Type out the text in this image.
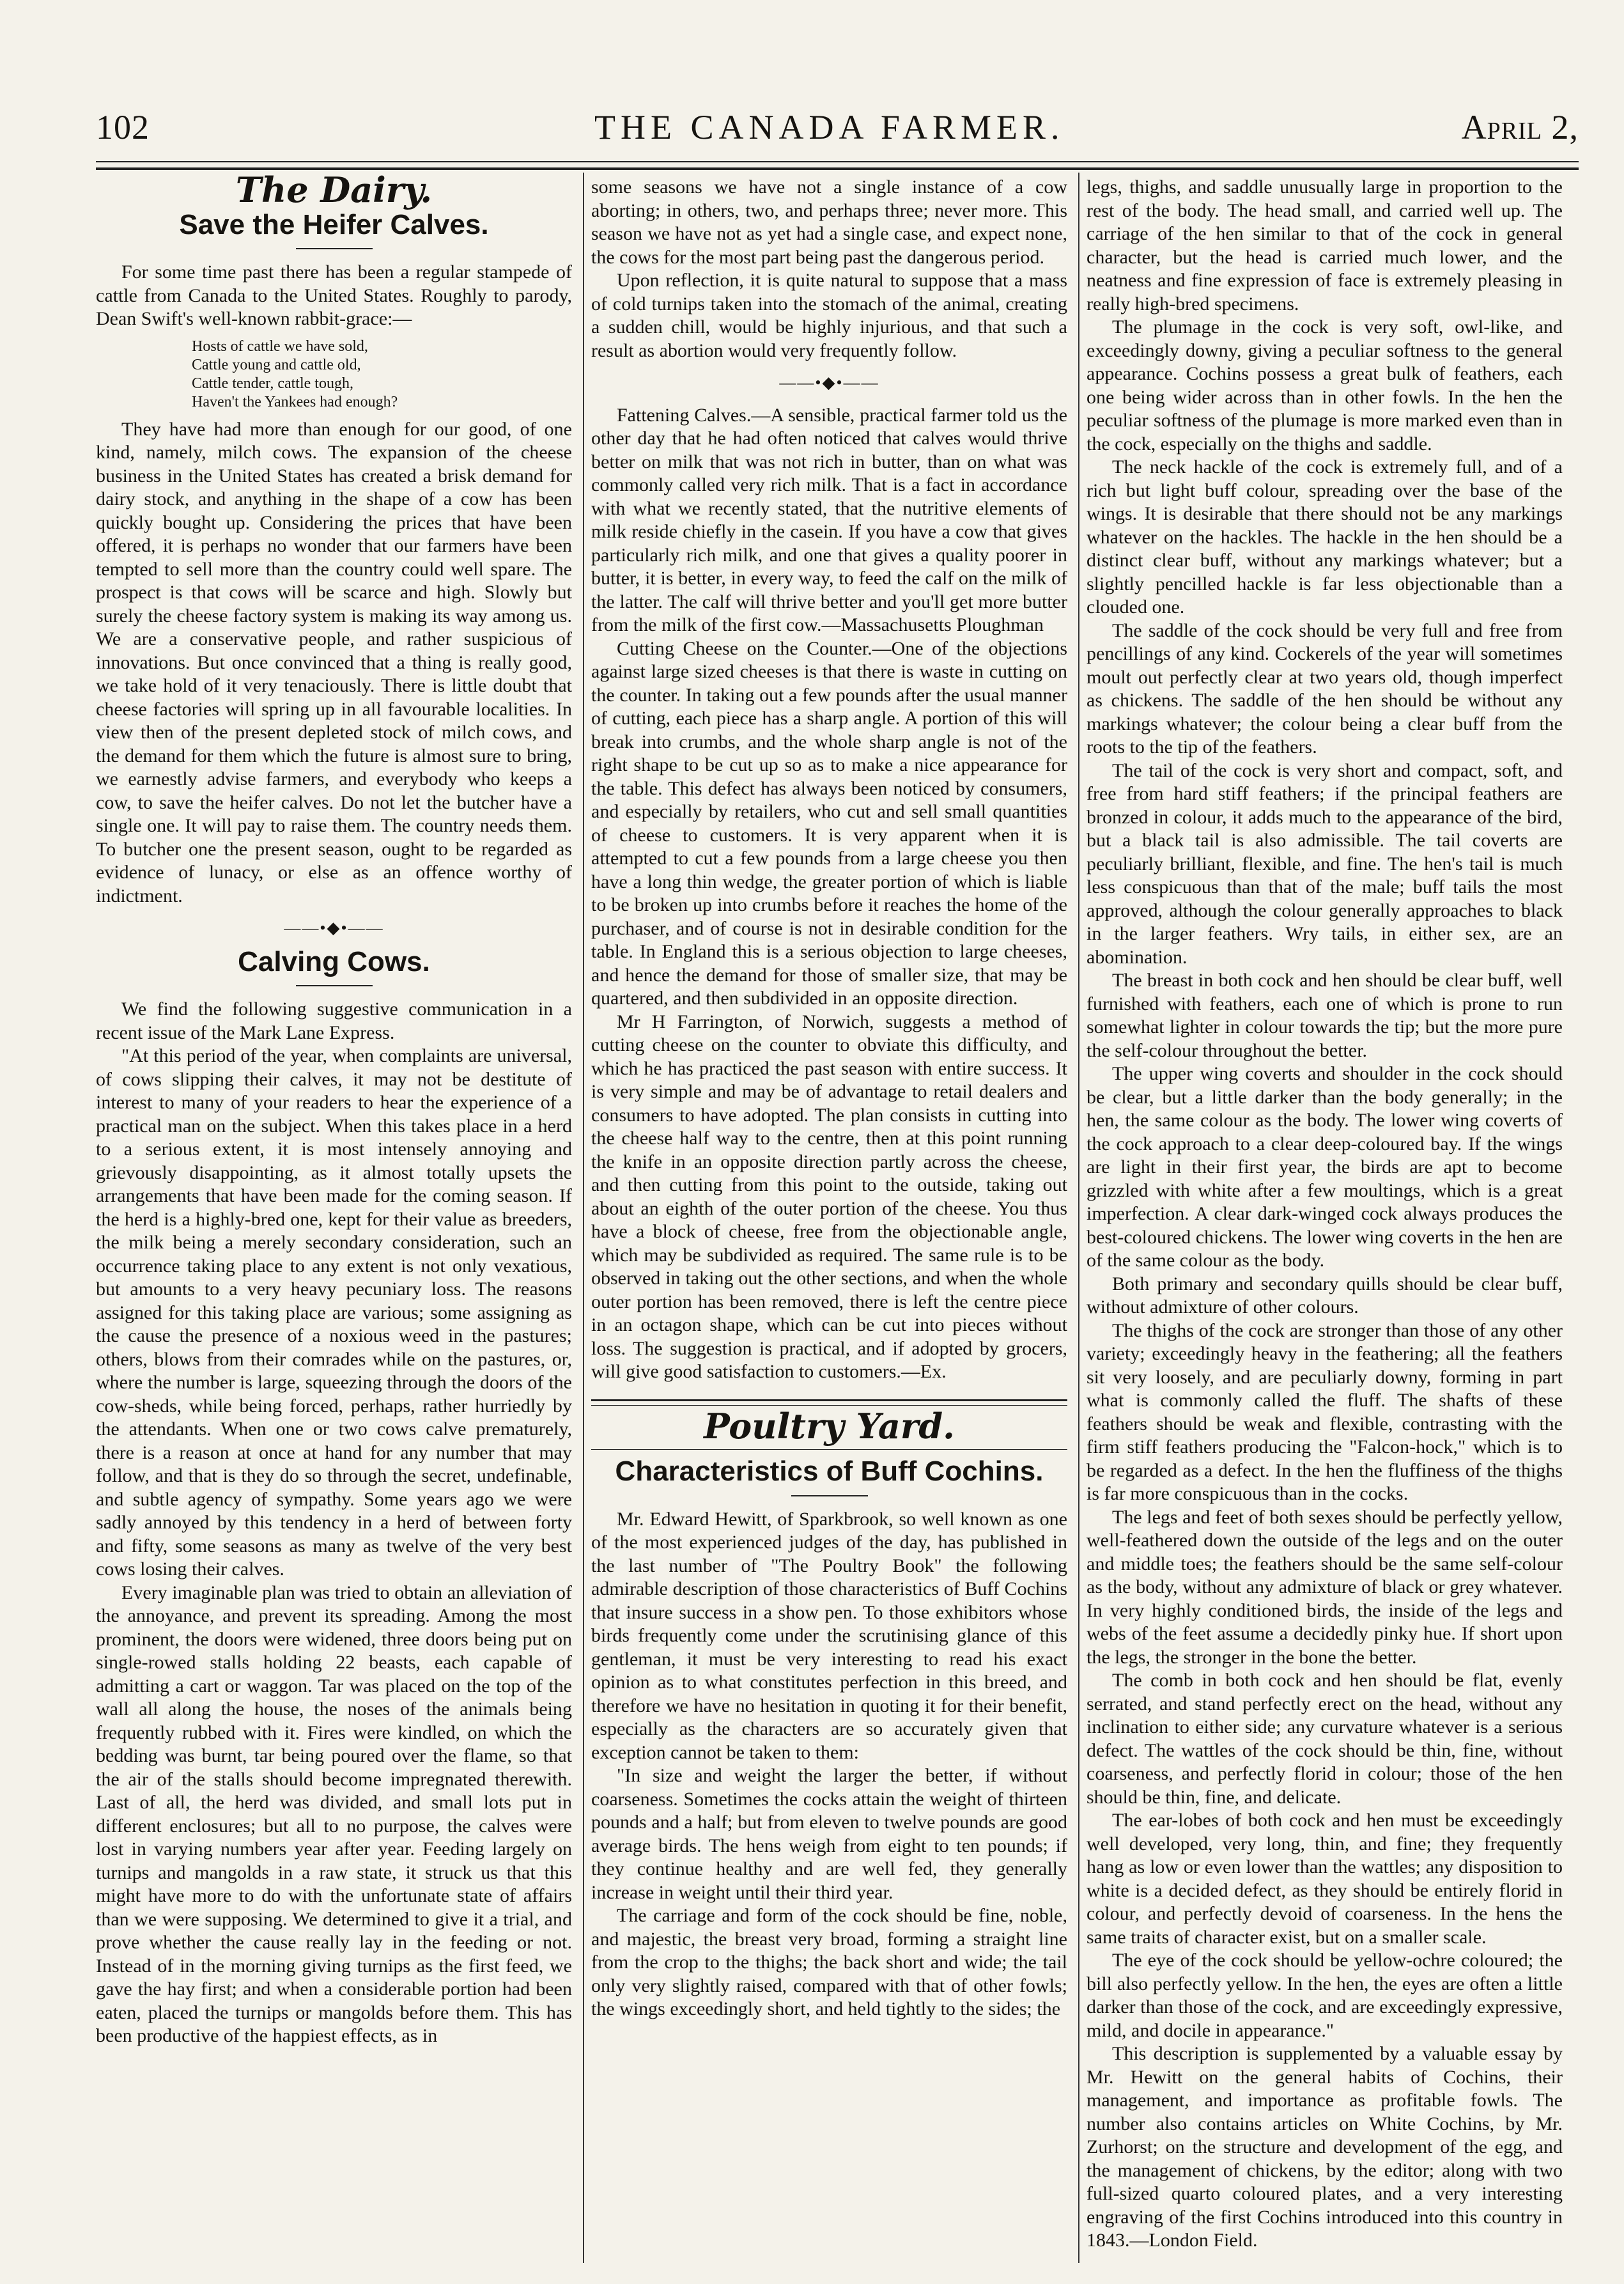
102	THE CANADA FARMER.	April 2,
The Dairy.
Save the Heifer Calves.

For some time past there has been a regular stampede of cattle from Canada to the United States. Roughly to parody, Dean Swift's well-known rabbit-grace:—

Hosts of cattle we have sold,
Cattle young and cattle old,
Cattle tender, cattle tough,
Haven't the Yankees had enough?

They have had more than enough for our good, of one kind, namely, milch cows. The expansion of the cheese business in the United States has created a brisk demand for dairy stock, and anything in the shape of a cow has been quickly bought up. Considering the prices that have been offered, it is perhaps no wonder that our farmers have been tempted to sell more than the country could well spare. The prospect is that cows will be scarce and high. Slowly but surely the cheese factory system is making its way among us. We are a conservative people, and rather suspicious of innovations. But once convinced that a thing is really good, we take hold of it very tenaciously. There is little doubt that cheese factories will spring up in all favourable localities. In view then of the present depleted stock of milch cows, and the demand for them which the future is almost sure to bring, we earnestly advise farmers, and everybody who keeps a cow, to save the heifer calves. Do not let the butcher have a single one. It will pay to raise them. The country needs them. To butcher one the present season, ought to be regarded as evidence of lunacy, or else as an offence worthy of indictment.

——•◆•——
Calving Cows.

We find the following suggestive communication in a recent issue of the Mark Lane Express.

"At this period of the year, when complaints are universal, of cows slipping their calves, it may not be destitute of interest to many of your readers to hear the experience of a practical man on the subject. When this takes place in a herd to a serious extent, it is most intensely annoying and grievously disappointing, as it almost totally upsets the arrangements that have been made for the coming season. If the herd is a highly-bred one, kept for their value as breeders, the milk being a merely secondary consideration, such an occurrence taking place to any extent is not only vexatious, but amounts to a very heavy pecuniary loss. The reasons assigned for this taking place are various; some assigning as the cause the presence of a noxious weed in the pastures; others, blows from their comrades while on the pastures, or, where the number is large, squeezing through the doors of the cow-sheds, while being forced, perhaps, rather hurriedly by the attendants. When one or two cows calve prematurely, there is a reason at once at hand for any number that may follow, and that is they do so through the secret, undefinable, and subtle agency of sympathy. Some years ago we were sadly annoyed by this tendency in a herd of between forty and fifty, some seasons as many as twelve of the very best cows losing their calves.

Every imaginable plan was tried to obtain an alleviation of the annoyance, and prevent its spreading. Among the most prominent, the doors were widened, three doors being put on single-rowed stalls holding 22 beasts, each capable of admitting a cart or waggon. Tar was placed on the top of the wall all along the house, the noses of the animals being frequently rubbed with it. Fires were kindled, on which the bedding was burnt, tar being poured over the flame, so that the air of the stalls should become impregnated therewith. Last of all, the herd was divided, and small lots put in different enclosures; but all to no purpose, the calves were lost in varying numbers year after year. Feeding largely on turnips and mangolds in a raw state, it struck us that this might have more to do with the unfortunate state of affairs than we were supposing. We determined to give it a trial, and prove whether the cause really lay in the feeding or not. Instead of in the morning giving turnips as the first feed, we gave the hay first; and when a considerable portion had been eaten, placed the turnips or mangolds before them. This has been productive of the happiest effects, as in

some seasons we have not a single instance of a cow aborting; in others, two, and perhaps three; never more. This season we have not as yet had a single case, and expect none, the cows for the most part being past the dangerous period.

Upon reflection, it is quite natural to suppose that a mass of cold turnips taken into the stomach of the animal, creating a sudden chill, would be highly injurious, and that such a result as abortion would very frequently follow.

——•◆•——

Fattening Calves.—A sensible, practical farmer told us the other day that he had often noticed that calves would thrive better on milk that was not rich in butter, than on what was commonly called very rich milk. That is a fact in accordance with what we recently stated, that the nutritive elements of milk reside chiefly in the casein. If you have a cow that gives particularly rich milk, and one that gives a quality poorer in butter, it is better, in every way, to feed the calf on the milk of the latter. The calf will thrive better and you'll get more butter from the milk of the first cow.—Massachusetts Ploughman

Cutting Cheese on the Counter.—One of the objections against large sized cheeses is that there is waste in cutting on the counter. In taking out a few pounds after the usual manner of cutting, each piece has a sharp angle. A portion of this will break into crumbs, and the whole sharp angle is not of the right shape to be cut up so as to make a nice appearance for the table. This defect has always been noticed by consumers, and especially by retailers, who cut and sell small quantities of cheese to customers. It is very apparent when it is attempted to cut a few pounds from a large cheese you then have a long thin wedge, the greater portion of which is liable to be broken up into crumbs before it reaches the home of the purchaser, and of course is not in desirable condition for the table. In England this is a serious objection to large cheeses, and hence the demand for those of smaller size, that may be quartered, and then subdivided in an opposite direction.

Mr H Farrington, of Norwich, suggests a method of cutting cheese on the counter to obviate this difficulty, and which he has practiced the past season with entire success. It is very simple and may be of advantage to retail dealers and consumers to have adopted. The plan consists in cutting into the cheese half way to the centre, then at this point running the knife in an opposite direction partly across the cheese, and then cutting from this point to the outside, taking out about an eighth of the outer portion of the cheese. You thus have a block of cheese, free from the objectionable angle, which may be subdivided as required. The same rule is to be observed in taking out the other sections, and when the whole outer portion has been removed, there is left the centre piece in an octagon shape, which can be cut into pieces without loss. The suggestion is practical, and if adopted by grocers, will give good satisfaction to customers.—Ex.

Poultry Yard.
Characteristics of Buff Cochins.

Mr. Edward Hewitt, of Sparkbrook, so well known as one of the most experienced judges of the day, has published in the last number of "The Poultry Book" the following admirable description of those characteristics of Buff Cochins that insure success in a show pen. To those exhibitors whose birds frequently come under the scrutinising glance of this gentleman, it must be very interesting to read his exact opinion as to what constitutes perfection in this breed, and therefore we have no hesitation in quoting it for their benefit, especially as the characters are so accurately given that exception cannot be taken to them:

"In size and weight the larger the better, if without coarseness. Sometimes the cocks attain the weight of thirteen pounds and a half; but from eleven to twelve pounds are good average birds. The hens weigh from eight to ten pounds; if they continue healthy and are well fed, they generally increase in weight until their third year.

The carriage and form of the cock should be fine, noble, and majestic, the breast very broad, forming a straight line from the crop to the thighs; the back short and wide; the tail only very slightly raised, compared with that of other fowls; the wings exceedingly short, and held tightly to the sides; the

legs, thighs, and saddle unusually large in proportion to the rest of the body. The head small, and carried well up. The carriage of the hen similar to that of the cock in general character, but the head is carried much lower, and the neatness and fine expression of face is extremely pleasing in really high-bred specimens.

The plumage in the cock is very soft, owl-like, and exceedingly downy, giving a peculiar softness to the general appearance. Cochins possess a great bulk of feathers, each one being wider across than in other fowls. In the hen the peculiar softness of the plumage is more marked even than in the cock, especially on the thighs and saddle.

The neck hackle of the cock is extremely full, and of a rich but light buff colour, spreading over the base of the wings. It is desirable that there should not be any markings whatever on the hackles. The hackle in the hen should be a distinct clear buff, without any markings whatever; but a slightly pencilled hackle is far less objectionable than a clouded one.

The saddle of the cock should be very full and free from pencillings of any kind. Cockerels of the year will sometimes moult out perfectly clear at two years old, though imperfect as chickens. The saddle of the hen should be without any markings whatever; the colour being a clear buff from the roots to the tip of the feathers.

The tail of the cock is very short and compact, soft, and free from hard stiff feathers; if the principal feathers are bronzed in colour, it adds much to the appearance of the bird, but a black tail is also admissible. The tail coverts are peculiarly brilliant, flexible, and fine. The hen's tail is much less conspicuous than that of the male; buff tails the most approved, although the colour generally approaches to black in the larger feathers. Wry tails, in either sex, are an abomination.

The breast in both cock and hen should be clear buff, well furnished with feathers, each one of which is prone to run somewhat lighter in colour towards the tip; but the more pure the self-colour throughout the better.

The upper wing coverts and shoulder in the cock should be clear, but a little darker than the body generally; in the hen, the same colour as the body. The lower wing coverts of the cock approach to a clear deep-coloured bay. If the wings are light in their first year, the birds are apt to become grizzled with white after a few moultings, which is a great imperfection. A clear dark-winged cock always produces the best-coloured chickens. The lower wing coverts in the hen are of the same colour as the body.

Both primary and secondary quills should be clear buff, without admixture of other colours.

The thighs of the cock are stronger than those of any other variety; exceedingly heavy in the feathering; all the feathers sit very loosely, and are peculiarly downy, forming in part what is commonly called the fluff. The shafts of these feathers should be weak and flexible, contrasting with the firm stiff feathers producing the "Falcon-hock," which is to be regarded as a defect. In the hen the fluffiness of the thighs is far more conspicuous than in the cocks.

The legs and feet of both sexes should be perfectly yellow, well-feathered down the outside of the legs and on the outer and middle toes; the feathers should be the same self-colour as the body, without any admixture of black or grey whatever. In very highly conditioned birds, the inside of the legs and webs of the feet assume a decidedly pinky hue. If short upon the legs, the stronger in the bone the better.

The comb in both cock and hen should be flat, evenly serrated, and stand perfectly erect on the head, without any inclination to either side; any curvature whatever is a serious defect. The wattles of the cock should be thin, fine, without coarseness, and perfectly florid in colour; those of the hen should be thin, fine, and delicate.

The ear-lobes of both cock and hen must be exceedingly well developed, very long, thin, and fine; they frequently hang as low or even lower than the wattles; any disposition to white is a decided defect, as they should be entirely florid in colour, and perfectly devoid of coarseness. In the hens the same traits of character exist, but on a smaller scale.

The eye of the cock should be yellow-ochre coloured; the bill also perfectly yellow. In the hen, the eyes are often a little darker than those of the cock, and are exceedingly expressive, mild, and docile in appearance."

This description is supplemented by a valuable essay by Mr. Hewitt on the general habits of Cochins, their management, and importance as profitable fowls. The number also contains articles on White Cochins, by Mr. Zurhorst; on the structure and development of the egg, and the management of chickens, by the editor; along with two full-sized quarto coloured plates, and a very interesting engraving of the first Cochins introduced into this country in 1843.—London Field.
